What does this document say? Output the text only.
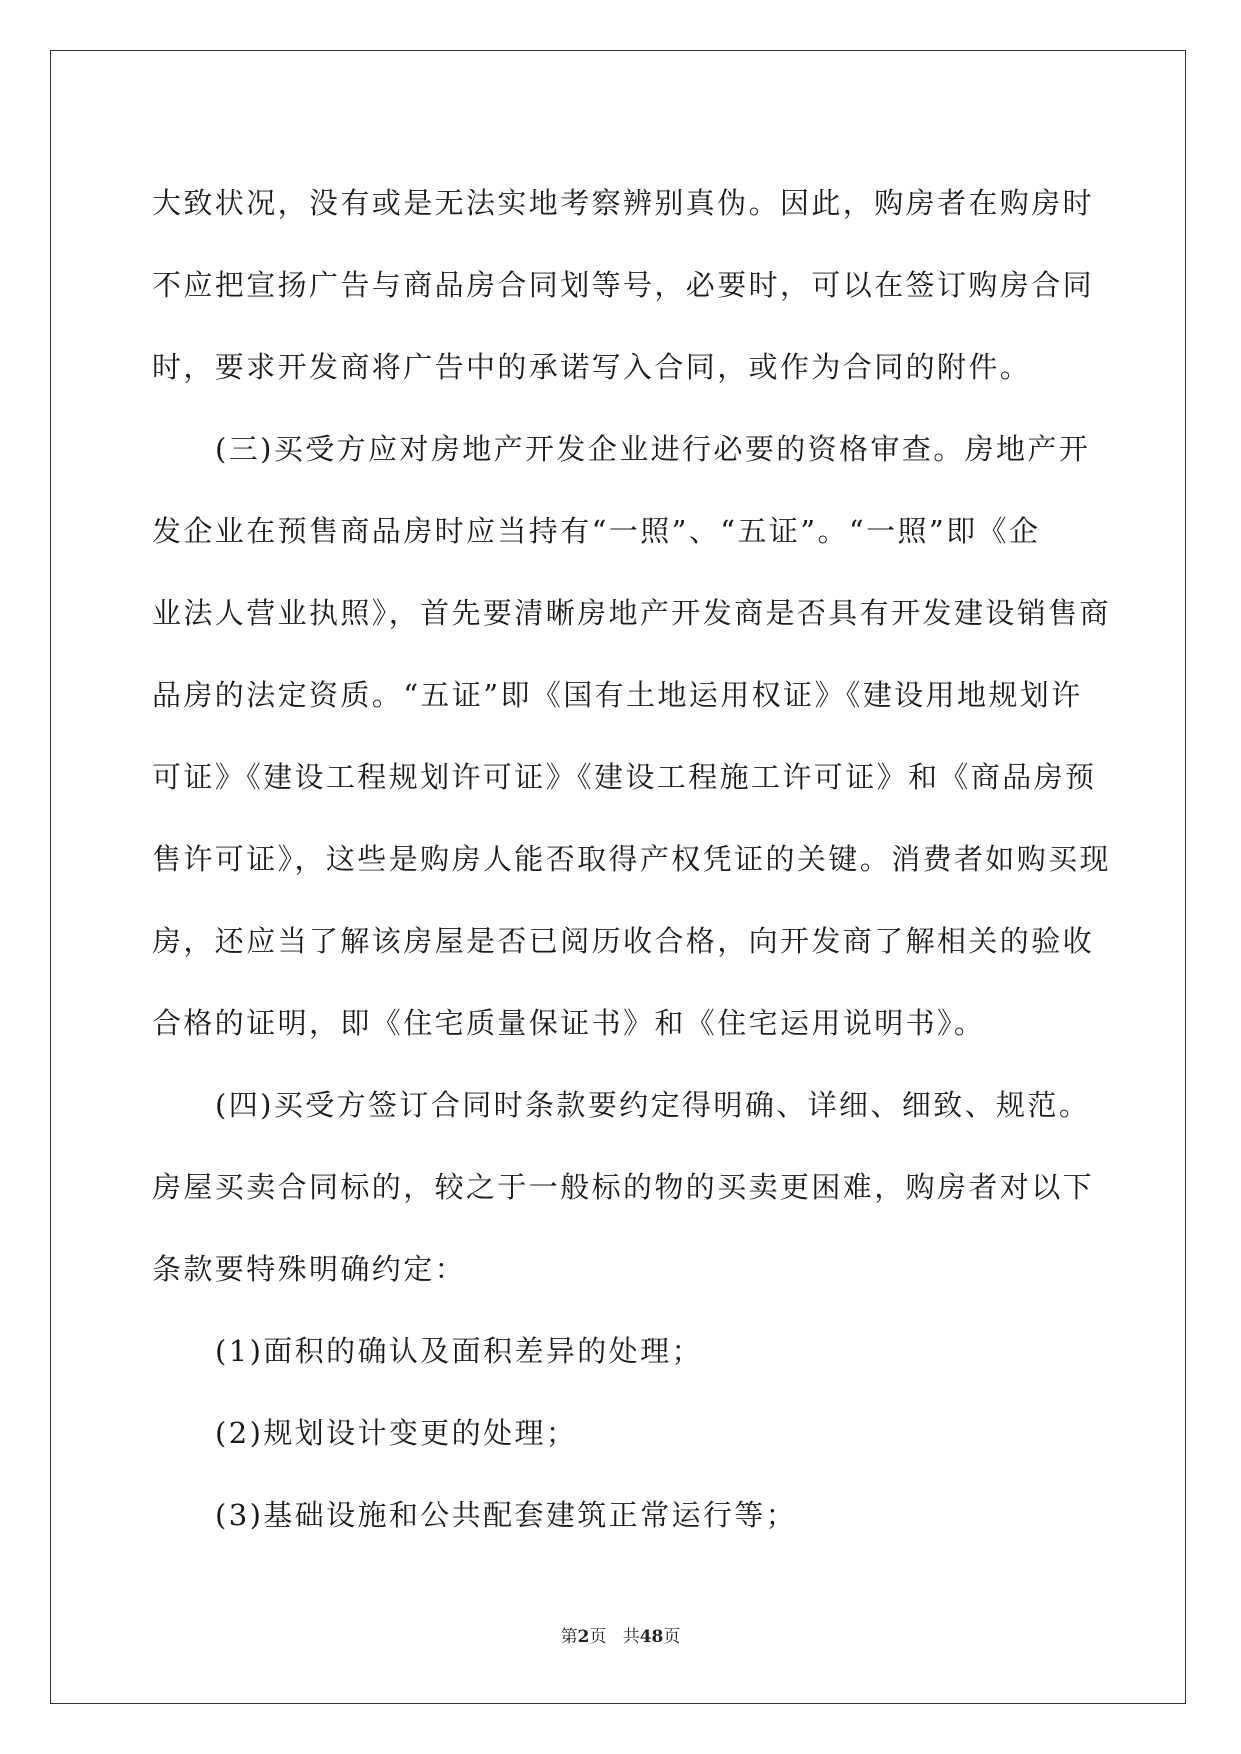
大致状况，没有或是无法实地考察辨别真伪。因此，购房者在购房时
不应把宣扬广告与商品房合同划等号，必要时，可以在签订购房合同
时，要求开发商将广告中的承诺写入合同，或作为合同的附件。
(三)买受方应对房地产开发企业进行必要的资格审查。房地产开
发企业在预售商品房时应当持有“一照”、“五证”。“一照”即《企
业法人营业执照》，首先要清晰房地产开发商是否具有开发建设销售商
品房的法定资质。“五证”即《国有土地运用权证》《建设用地规划许
可证》《建设工程规划许可证》《建设工程施工许可证》和《商品房预
售许可证》，这些是购房人能否取得产权凭证的关键。消费者如购买现
房，还应当了解该房屋是否已阅历收合格，向开发商了解相关的验收
合格的证明，即《住宅质量保证书》和《住宅运用说明书》。
(四)买受方签订合同时条款要约定得明确、详细、细致、规范。
房屋买卖合同标的，较之于一般标的物的买卖更困难，购房者对以下
条款要特殊明确约定：
(1)面积的确认及面积差异的处理；
(2)规划设计变更的处理；
(3)基础设施和公共配套建筑正常运行等；
第2页 共48页
